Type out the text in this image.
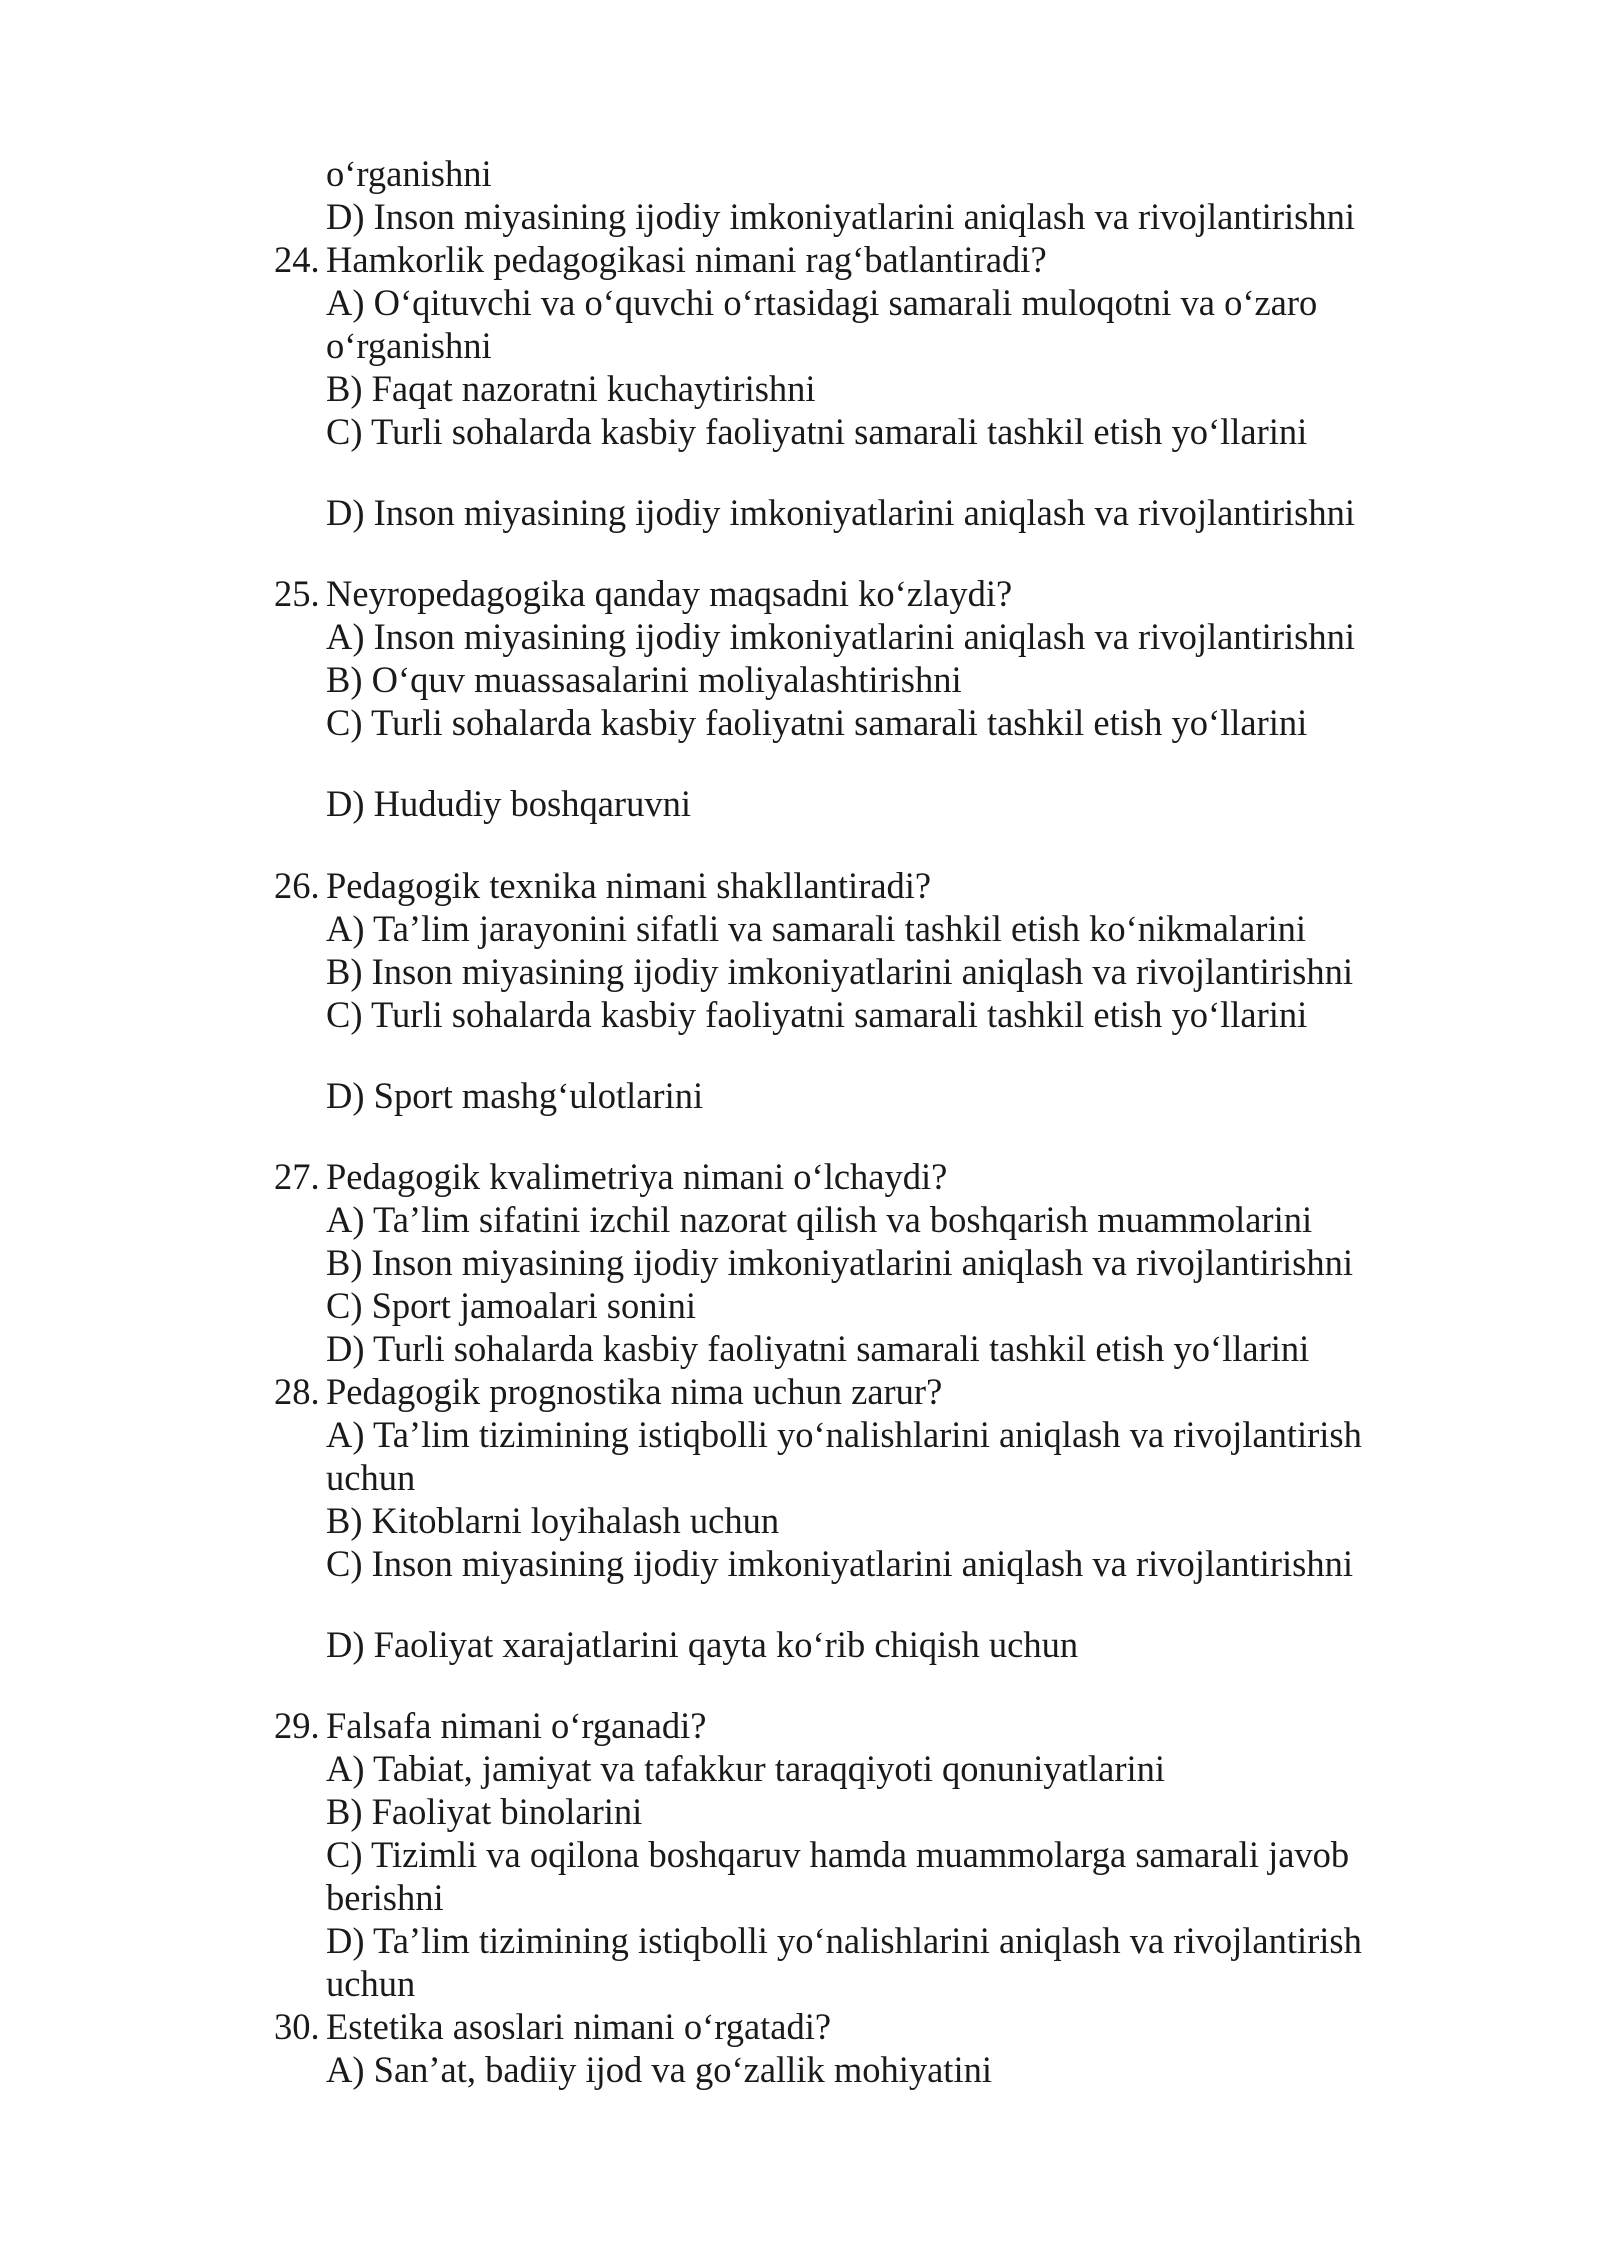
o‘rganishni
D) Inson miyasining ijodiy imkoniyatlarini aniqlash va rivojlantirishni
24. Hamkorlik pedagogikasi nimani rag‘batlantiradi?
A) O‘qituvchi va o‘quvchi o‘rtasidagi samarali muloqotni va o‘zaro
o‘rganishni
B) Faqat nazoratni kuchaytirishni
C) Turli sohalarda kasbiy faoliyatni samarali tashkil etish yo‘llarini
D) Inson miyasining ijodiy imkoniyatlarini aniqlash va rivojlantirishni
25. Neyropedagogika qanday maqsadni ko‘zlaydi?
A) Inson miyasining ijodiy imkoniyatlarini aniqlash va rivojlantirishni
B) O‘quv muassasalarini moliyalashtirishni
C) Turli sohalarda kasbiy faoliyatni samarali tashkil etish yo‘llarini
D) Hududiy boshqaruvni
26. Pedagogik texnika nimani shakllantiradi?
A) Ta’lim jarayonini sifatli va samarali tashkil etish ko‘nikmalarini
B) Inson miyasining ijodiy imkoniyatlarini aniqlash va rivojlantirishni
C) Turli sohalarda kasbiy faoliyatni samarali tashkil etish yo‘llarini
D) Sport mashg‘ulotlarini
27. Pedagogik kvalimetriya nimani o‘lchaydi?
A) Ta’lim sifatini izchil nazorat qilish va boshqarish muammolarini
B) Inson miyasining ijodiy imkoniyatlarini aniqlash va rivojlantirishni
C) Sport jamoalari sonini
D) Turli sohalarda kasbiy faoliyatni samarali tashkil etish yo‘llarini
28. Pedagogik prognostika nima uchun zarur?
A) Ta’lim tizimining istiqbolli yo‘nalishlarini aniqlash va rivojlantirish
uchun
B) Kitoblarni loyihalash uchun
C) Inson miyasining ijodiy imkoniyatlarini aniqlash va rivojlantirishni
D) Faoliyat xarajatlarini qayta ko‘rib chiqish uchun
29. Falsafa nimani o‘rganadi?
A) Tabiat, jamiyat va tafakkur taraqqiyoti qonuniyatlarini
B) Faoliyat binolarini
C) Tizimli va oqilona boshqaruv hamda muammolarga samarali javob
berishni
D) Ta’lim tizimining istiqbolli yo‘nalishlarini aniqlash va rivojlantirish
uchun
30. Estetika asoslari nimani o‘rgatadi?
A) San’at, badiiy ijod va go‘zallik mohiyatini
